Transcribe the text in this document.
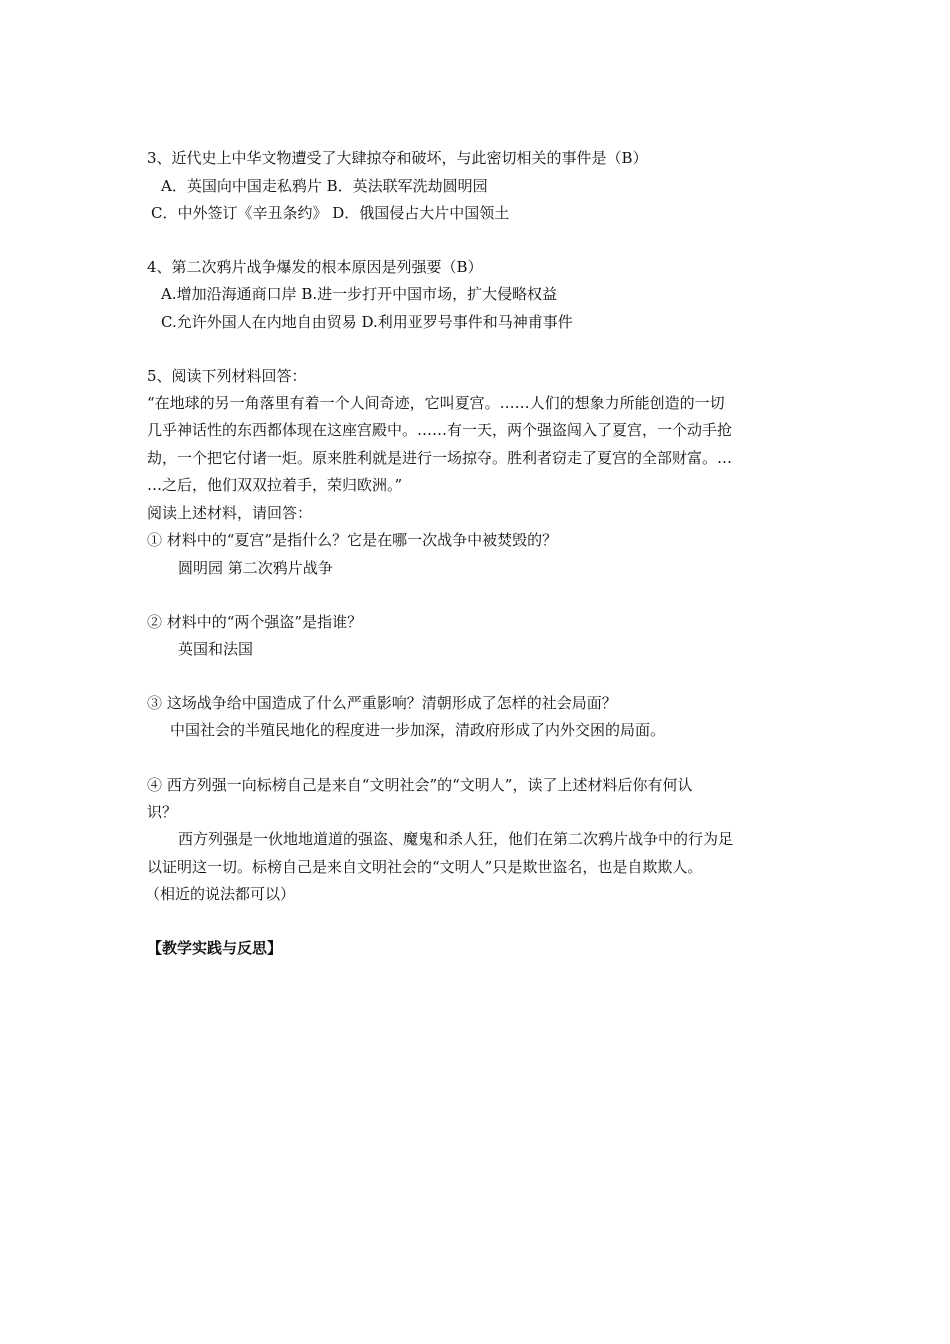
3、近代史上中华文物遭受了大肆掠夺和破坏，与此密切相关的事件是（B）
A．英国向中国走私鸦片 B．英法联军洗劫圆明园
C．中外签订《辛丑条约》 D．俄国侵占大片中国领土
4、第二次鸦片战争爆发的根本原因是列强要（B）
A.增加沿海通商口岸 B.进一步打开中国市场，扩大侵略权益
C.允许外国人在内地自由贸易 D.利用亚罗号事件和马神甫事件
5、阅读下列材料回答：
“在地球的另一角落里有着一个人间奇迹，它叫夏宫。……人们的想象力所能创造的一切
几乎神话性的东西都体现在这座宫殿中。……有一天，两个强盗闯入了夏宫，一个动手抢
劫，一个把它付诸一炬。原来胜利就是进行一场掠夺。胜利者窃走了夏宫的全部财富。…
…之后，他们双双拉着手，荣归欧洲。”
阅读上述材料，请回答：
① 材料中的“夏宫”是指什么？它是在哪一次战争中被焚毁的？
圆明园 第二次鸦片战争
② 材料中的“两个强盗”是指谁？
英国和法国
③ 这场战争给中国造成了什么严重影响？清朝形成了怎样的社会局面？
中国社会的半殖民地化的程度进一步加深，清政府形成了内外交困的局面。
④ 西方列强一向标榜自己是来自“文明社会”的“文明人”，读了上述材料后你有何认
识？
西方列强是一伙地地道道的强盗、魔鬼和杀人狂，他们在第二次鸦片战争中的行为足
以证明这一切。标榜自己是来自文明社会的“文明人”只是欺世盗名，也是自欺欺人。
（相近的说法都可以）
【教学实践与反思】
